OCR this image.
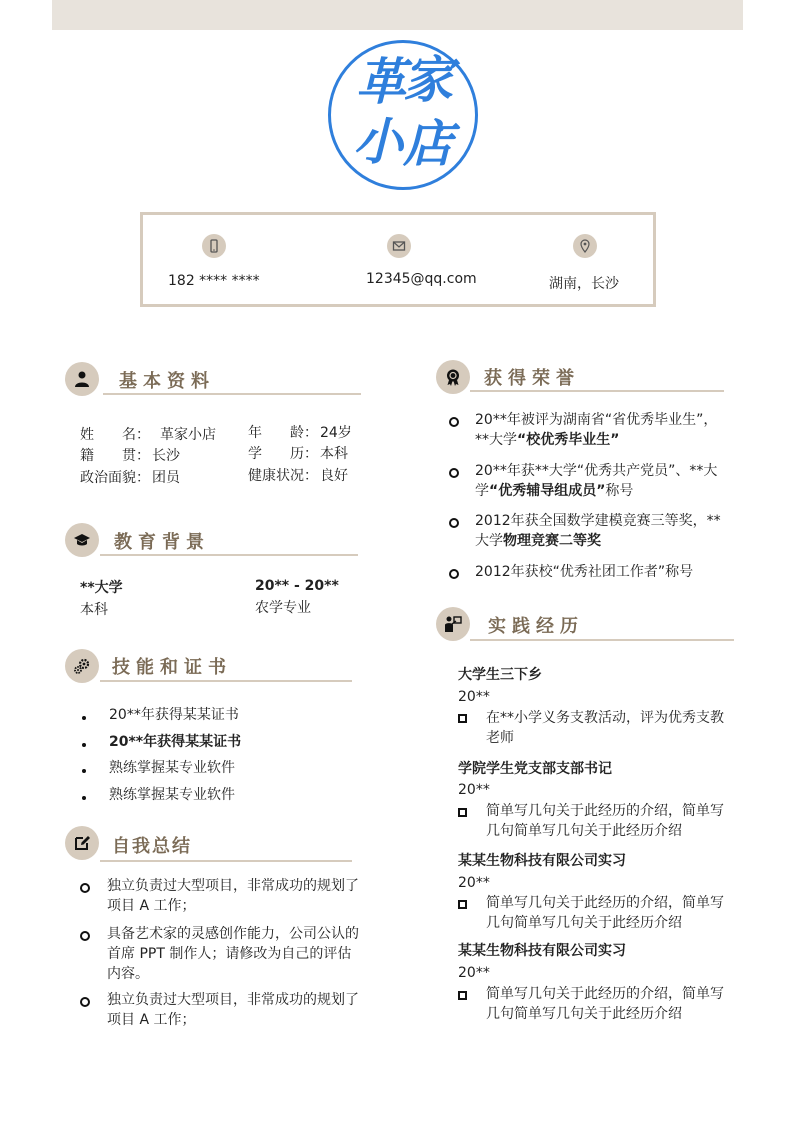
革
家
小 店
182 **** ****	12345@qq.com	湖南，长沙
基本资料
姓　　名： 革家小店 年　　龄： 24岁
籍　　贯： 长沙	学　　历： 本科
政治面貌： 团员	健康状况： 良好
教育背景
**大学	20** - 20**
本科	农学专业
技能和证书
20**年获得某某证书
20**年获得某某证书
熟练掌握某专业软件
熟练掌握某专业软件
自我总结
独立负责过大型项目，非常成功的规划了项目 A 工作；
具备艺术家的灵感创作能力，公司公认的首席 PPT 制作人；请修改为自己的评估内容。
独立负责过大型项目，非常成功的规划了项目 A 工作；
获得荣誉
20**年被评为湖南省“省优秀毕业生”，**大学“校优秀毕业生”
20**年获**大学“优秀共产党员”、**大学“优秀辅导组成员”称号
2012年获全国数学建模竞赛三等奖，**大学物理竞赛二等奖
2012年获校“优秀社团工作者”称号
实践经历
大学生三下乡
20**
在**小学义务支教活动，评为优秀支教老师
学院学生党支部支部书记
20**
简单写几句关于此经历的介绍，简单写几句简单写几句关于此经历介绍
某某生物科技有限公司实习
20**
简单写几句关于此经历的介绍，简单写几句简单写几句关于此经历介绍
某某生物科技有限公司实习
20**
简单写几句关于此经历的介绍，简单写几句简单写几句关于此经历介绍
